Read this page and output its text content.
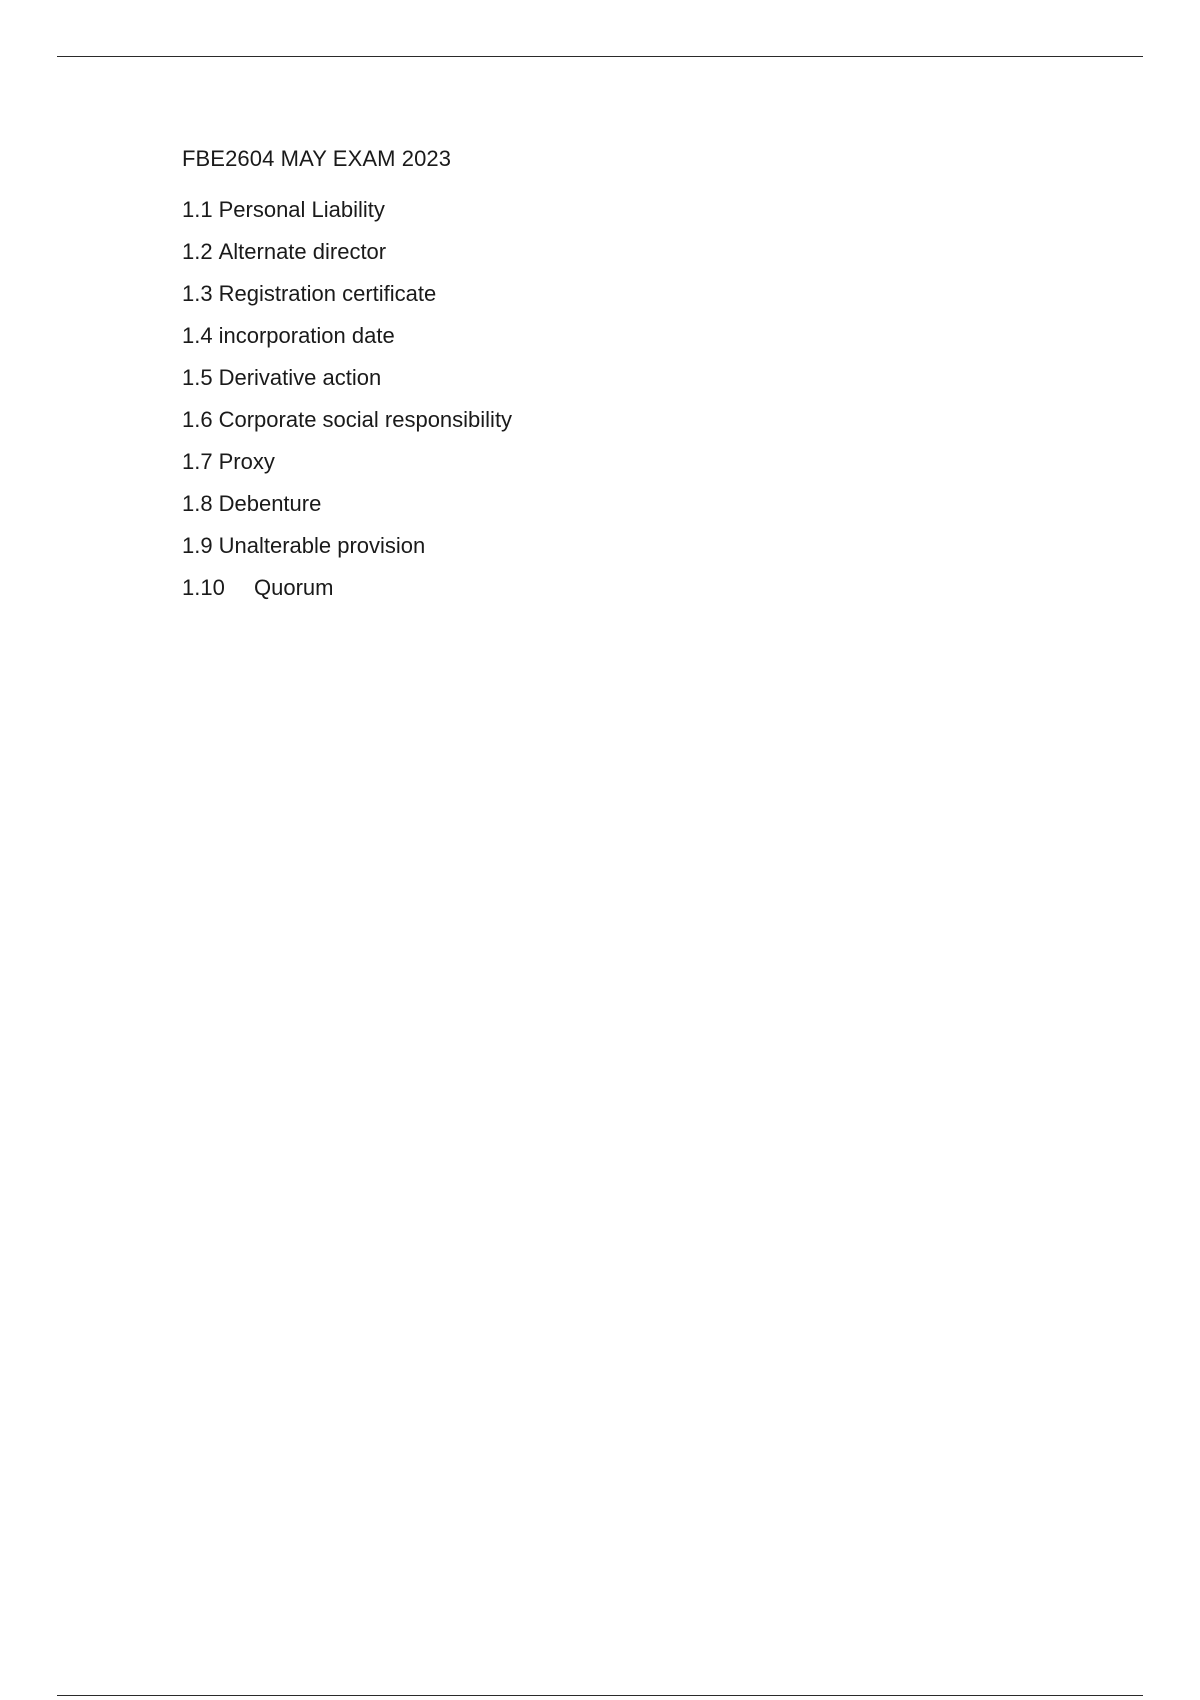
FBE2604 MAY EXAM 2023
1.1 Personal Liability
1.2 Alternate director
1.3 Registration certificate
1.4 incorporation date
1.5 Derivative action
1.6 Corporate social responsibility
1.7 Proxy
1.8 Debenture
1.9 Unalterable provision
1.10	Quorum
